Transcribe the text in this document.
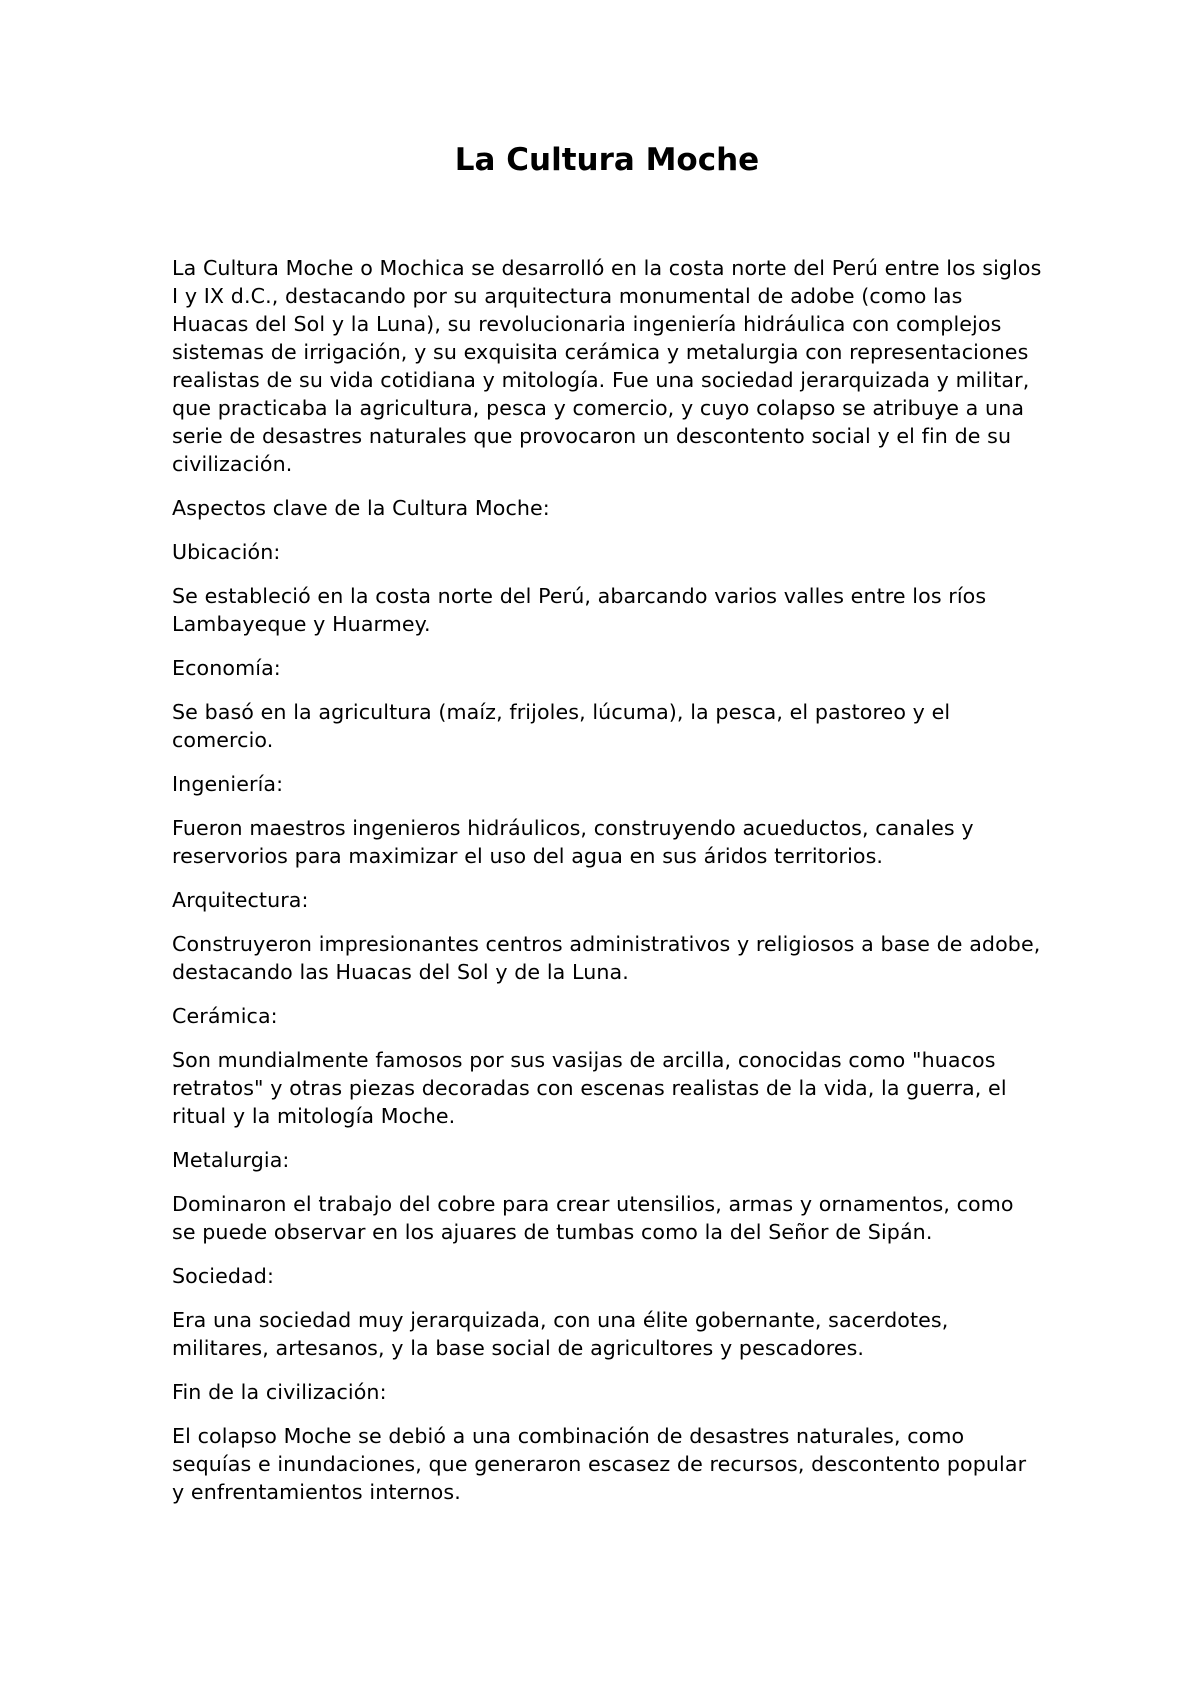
La Cultura Moche

La Cultura Moche o Mochica se desarrolló en la costa norte del Perú entre los siglos I y IX d.C., destacando por su arquitectura monumental de adobe (como las Huacas del Sol y la Luna), su revolucionaria ingeniería hidráulica con complejos sistemas de irrigación, y su exquisita cerámica y metalurgia con representaciones realistas de su vida cotidiana y mitología. Fue una sociedad jerarquizada y militar, que practicaba la agricultura, pesca y comercio, y cuyo colapso se atribuye a una serie de desastres naturales que provocaron un descontento social y el fin de su civilización.

Aspectos clave de la Cultura Moche:

Ubicación:

Se estableció en la costa norte del Perú, abarcando varios valles entre los ríos Lambayeque y Huarmey.

Economía:

Se basó en la agricultura (maíz, frijoles, lúcuma), la pesca, el pastoreo y el comercio.

Ingeniería:

Fueron maestros ingenieros hidráulicos, construyendo acueductos, canales y reservorios para maximizar el uso del agua en sus áridos territorios.

Arquitectura:

Construyeron impresionantes centros administrativos y religiosos a base de adobe, destacando las Huacas del Sol y de la Luna.

Cerámica:

Son mundialmente famosos por sus vasijas de arcilla, conocidas como "huacos retratos" y otras piezas decoradas con escenas realistas de la vida, la guerra, el ritual y la mitología Moche.

Metalurgia:

Dominaron el trabajo del cobre para crear utensilios, armas y ornamentos, como se puede observar en los ajuares de tumbas como la del Señor de Sipán.

Sociedad:

Era una sociedad muy jerarquizada, con una élite gobernante, sacerdotes, militares, artesanos, y la base social de agricultores y pescadores.

Fin de la civilización:

El colapso Moche se debió a una combinación de desastres naturales, como sequías e inundaciones, que generaron escasez de recursos, descontento popular y enfrentamientos internos.
